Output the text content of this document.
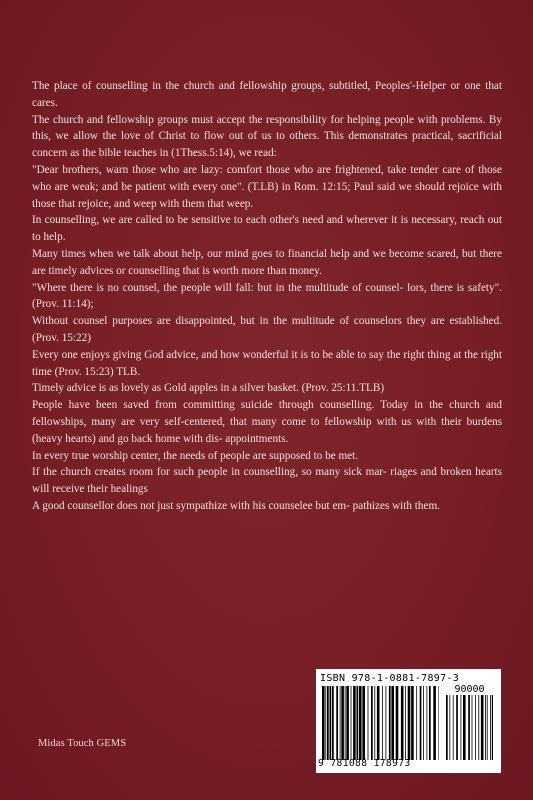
The place of counselling in the church and fellowship groups, subtitled, Peoples'-Helper or one that cares.

The church and fellowship groups must accept the responsibility for helping people with problems. By this, we allow the love of Christ to flow out of us to others. This demonstrates practical, sacrificial concern as the bible teaches in (1Thess.5:14), we read:

"Dear brothers, warn those who are lazy: comfort those who are frightened, take tender care of those who are weak; and be patient with every one". (T.LB) in Rom. 12:15; Paul said we should rejoice with those that rejoice, and weep with them that weep.

In counselling, we are called to be sensitive to each other's need and wherever it is necessary, reach out to help.

Many times when we talk about help, our mind goes to financial help and we become scared, but there are timely advices or counselling that is worth more than money.

"Where there is no counsel, the people will fall: but in the multitude of counsel- lors, there is safety". (Prov. 11:14);

Without counsel purposes are disappointed, but in the multitude of counselors they are established. (Prov. 15:22)

Every one enjoys giving God advice, and how wonderful it is to be able to say the right thing at the right time (Prov. 15:23) TLB.

Timely advice is as lovely as Gold apples in a silver basket. (Prov. 25:11.TLB)

People have been saved from committing suicide through counselling. Today in the church and fellowships, many are very self-centered, that many come to fellowship with us with their burdens (heavy hearts) and go back home with dis- appointments.

In every true worship center, the needs of people are supposed to be met.

If the church creates room for such people in counselling, so many sick mar- riages and broken hearts will receive their healings

A good counsellor does not just sympathize with his counselee but em- pathizes with them.

Midas Touch GEMS
ISBN 978-1-0881-7897-3
90000
9 781088 178973
